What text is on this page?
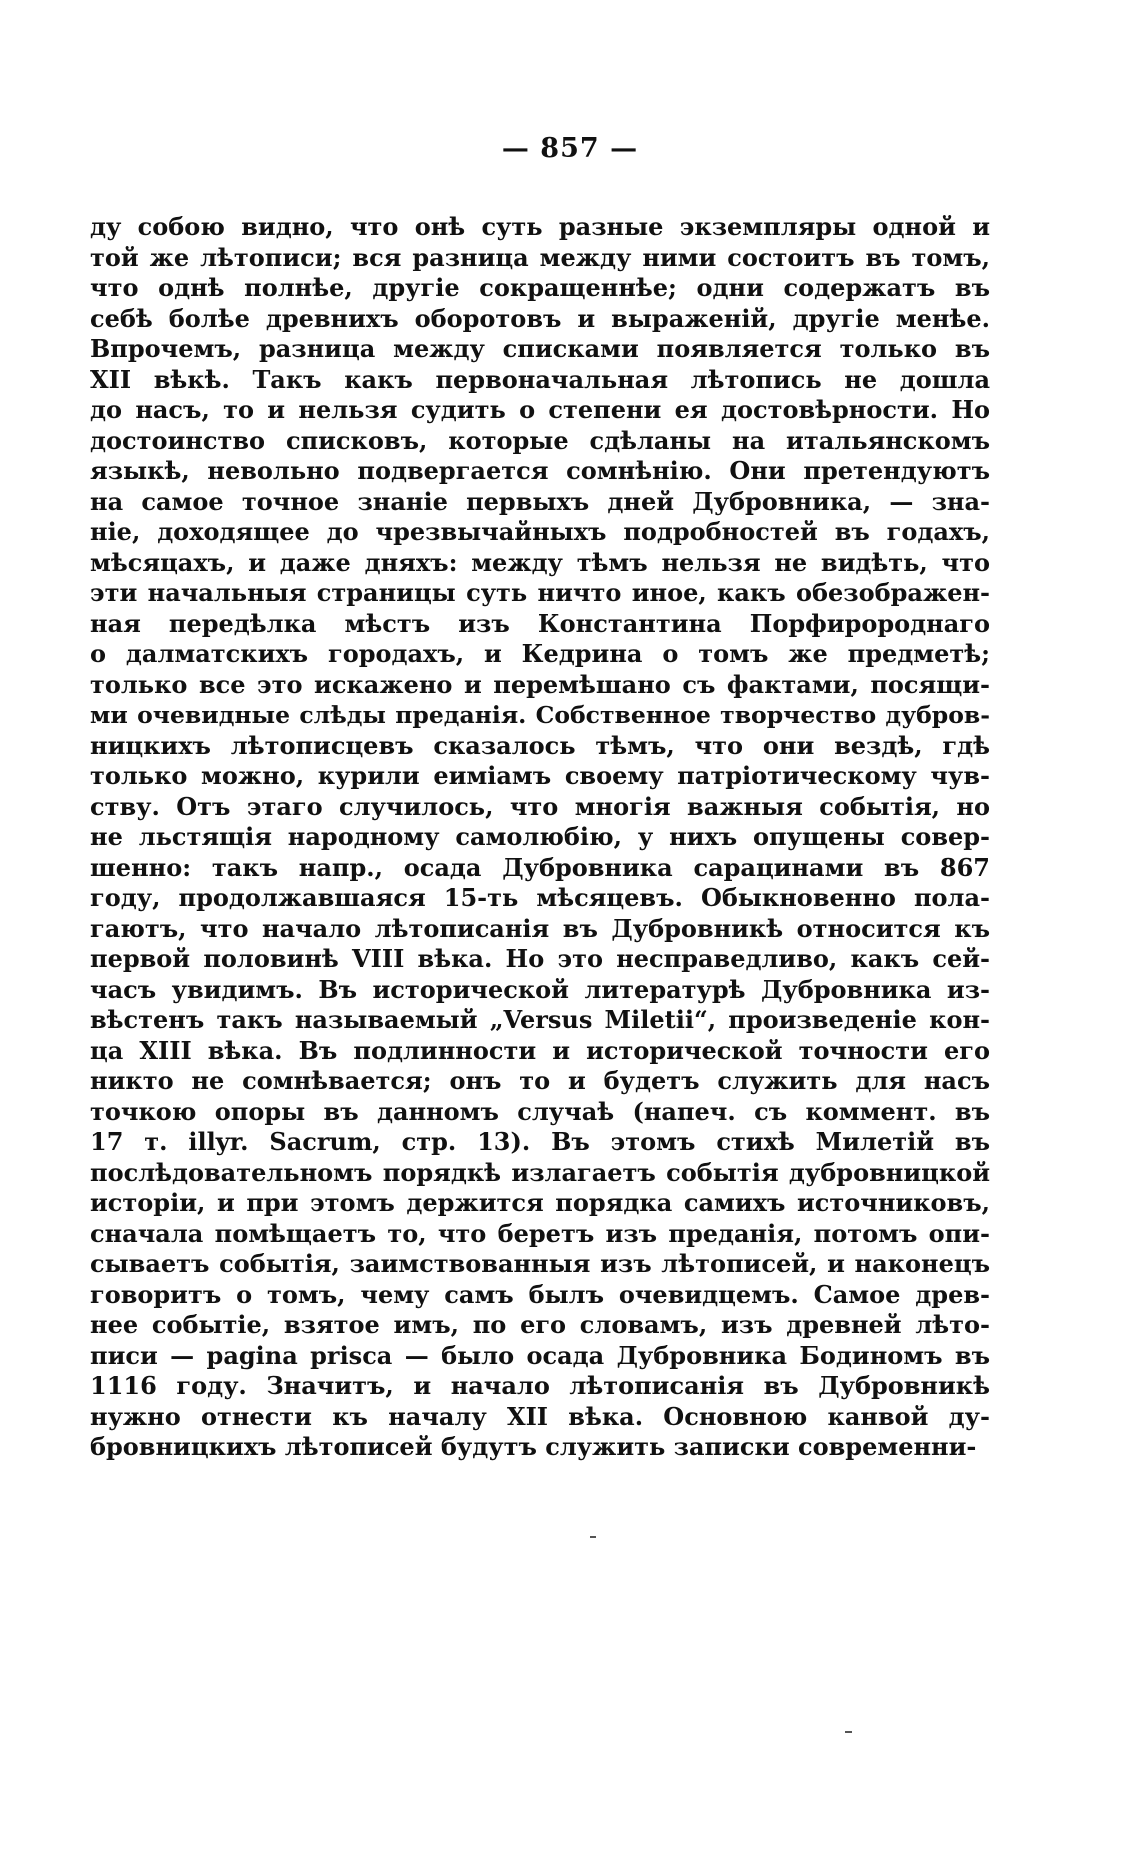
— 857 —
ду собою видно, что онѣ суть разные экземпляры одной и
той же лѣтописи; вся разница между ними состоитъ въ томъ,
что однѣ полнѣе, другіе сокращеннѣе; одни содержатъ въ
себѣ болѣе древнихъ оборотовъ и выраженій, другіе менѣе.
Впрочемъ, разница между списками появляется только въ
XII вѣкѣ. Такъ какъ первоначальная лѣтопись не дошла
до насъ, то и нельзя судить о степени ея достовѣрности. Но
достоинство списковъ, которые сдѣланы на итальянскомъ
языкѣ, невольно подвергается сомнѣнію. Они претендуютъ
на самое точное знаніе первыхъ дней Дубровника, — зна-
ніе, доходящее до чрезвычайныхъ подробностей въ годахъ,
мѣсяцахъ, и даже дняхъ: между тѣмъ нельзя не видѣть, что
эти начальныя страницы суть ничто иное, какъ обезображен-
ная передѣлка мѣстъ изъ Константина Порфиророднаго
о далматскихъ городахъ, и Кедрина о томъ же предметѣ;
только все это искажено и перемѣшано съ фактами, посящи-
ми очевидные слѣды преданія. Собственное творчество дубров-
ницкихъ лѣтописцевъ сказалось тѣмъ, что они вездѣ, гдѣ
только можно, курили еиміамъ своему патріотическому чув-
ству. Отъ этаго случилось, что многія важныя событія, но
не льстящія народному самолюбію, у нихъ опущены совер-
шенно: такъ напр., осада Дубровника сарацинами въ 867
году, продолжавшаяся 15-ть мѣсяцевъ. Обыкновенно пола-
гаютъ, что начало лѣтописанія въ Дубровникѣ относится къ
первой половинѣ VIII вѣка. Но это несправедливо, какъ сей-
часъ увидимъ. Въ исторической литературѣ Дубровника из-
вѣстенъ такъ называемый „Versus Miletii“, произведеніе кон-
ца XIII вѣка. Въ подлинности и исторической точности его
никто не сомнѣвается; онъ то и будетъ служить для насъ
точкою опоры въ данномъ случаѣ (напеч. съ коммент. въ
17 т. illyr. Sacrum, стр. 13). Въ этомъ стихѣ Милетій въ
послѣдовательномъ порядкѣ излагаетъ событія дубровницкой
исторіи, и при этомъ держится порядка самихъ источниковъ,
сначала помѣщаетъ то, что беретъ изъ преданія, потомъ опи-
сываетъ событія, заимствованныя изъ лѣтописей, и наконецъ
говоритъ о томъ, чему самъ былъ очевидцемъ. Самое древ-
нее событіе, взятое имъ, по его словамъ, изъ древней лѣто-
писи — pagina prisca — было осада Дубровника Бодиномъ въ
1116 году. Значитъ, и начало лѣтописанія въ Дубровникѣ
нужно отнести къ началу XII вѣка. Основною канвой ду-
бровницкихъ лѣтописей будутъ служить записки современни-
